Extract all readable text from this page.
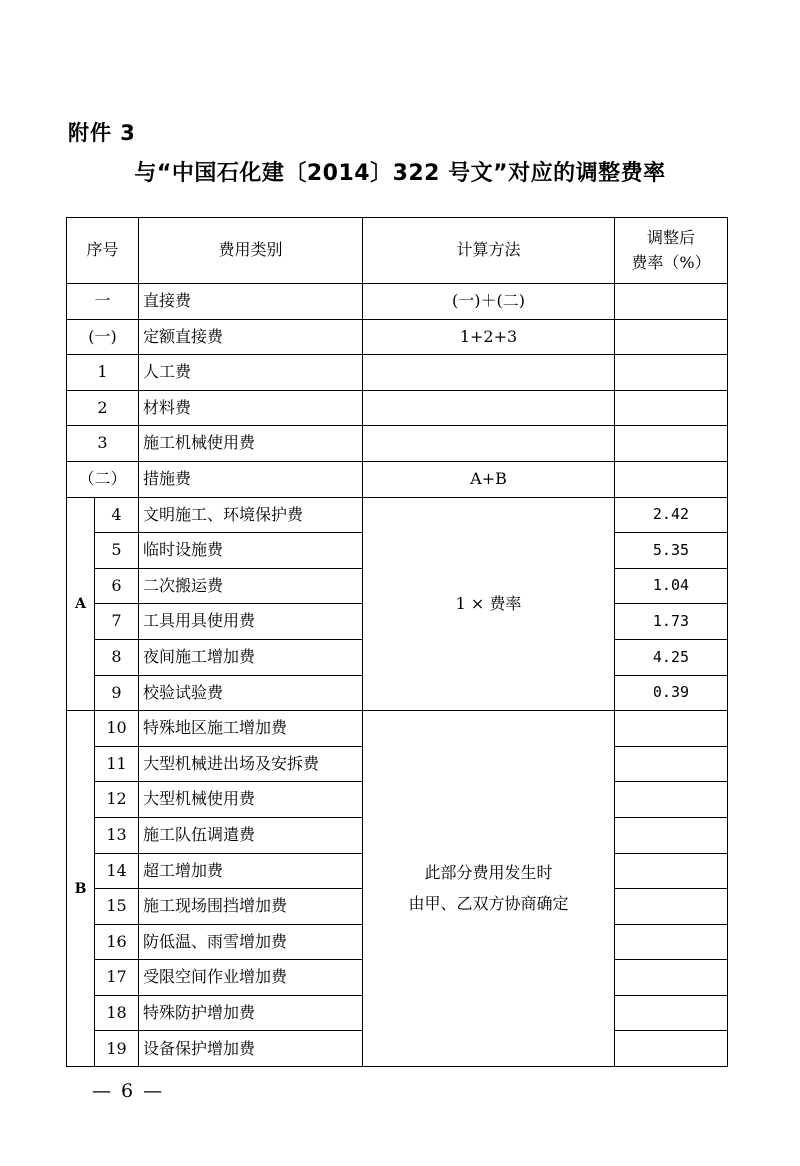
附件 3
与“中国石化建〔2014〕322 号文”对应的调整费率
序号		费用类别	计算方法	调整后
费率（%）

一		直接费	(一)＋(二)	
(一)		定额直接费	1+2+3	
1		人工费		
2		材料费		
3		施工机械使用费		
（二）		措施费	A+B	
A	4	文明施工、环境保护费	1 × 费率	2.42
	5	临时设施费		5.35
	6	二次搬运费		1.04
	7	工具用具使用费		1.73
	8	夜间施工增加费		4.25
	9	校验试验费		0.39
B	10	特殊地区施工增加费	此部分费用发生时
由甲、乙双方协商确定	

	11	大型机械进出场及安拆费		
	12	大型机械使用费		
	13	施工队伍调遣费		
	14	超工增加费		
	15	施工现场围挡增加费		
	16	防低温、雨雪增加费		
	17	受限空间作业增加费		
	18	特殊防护增加费		
	19	设备保护增加费		
— 6 —
